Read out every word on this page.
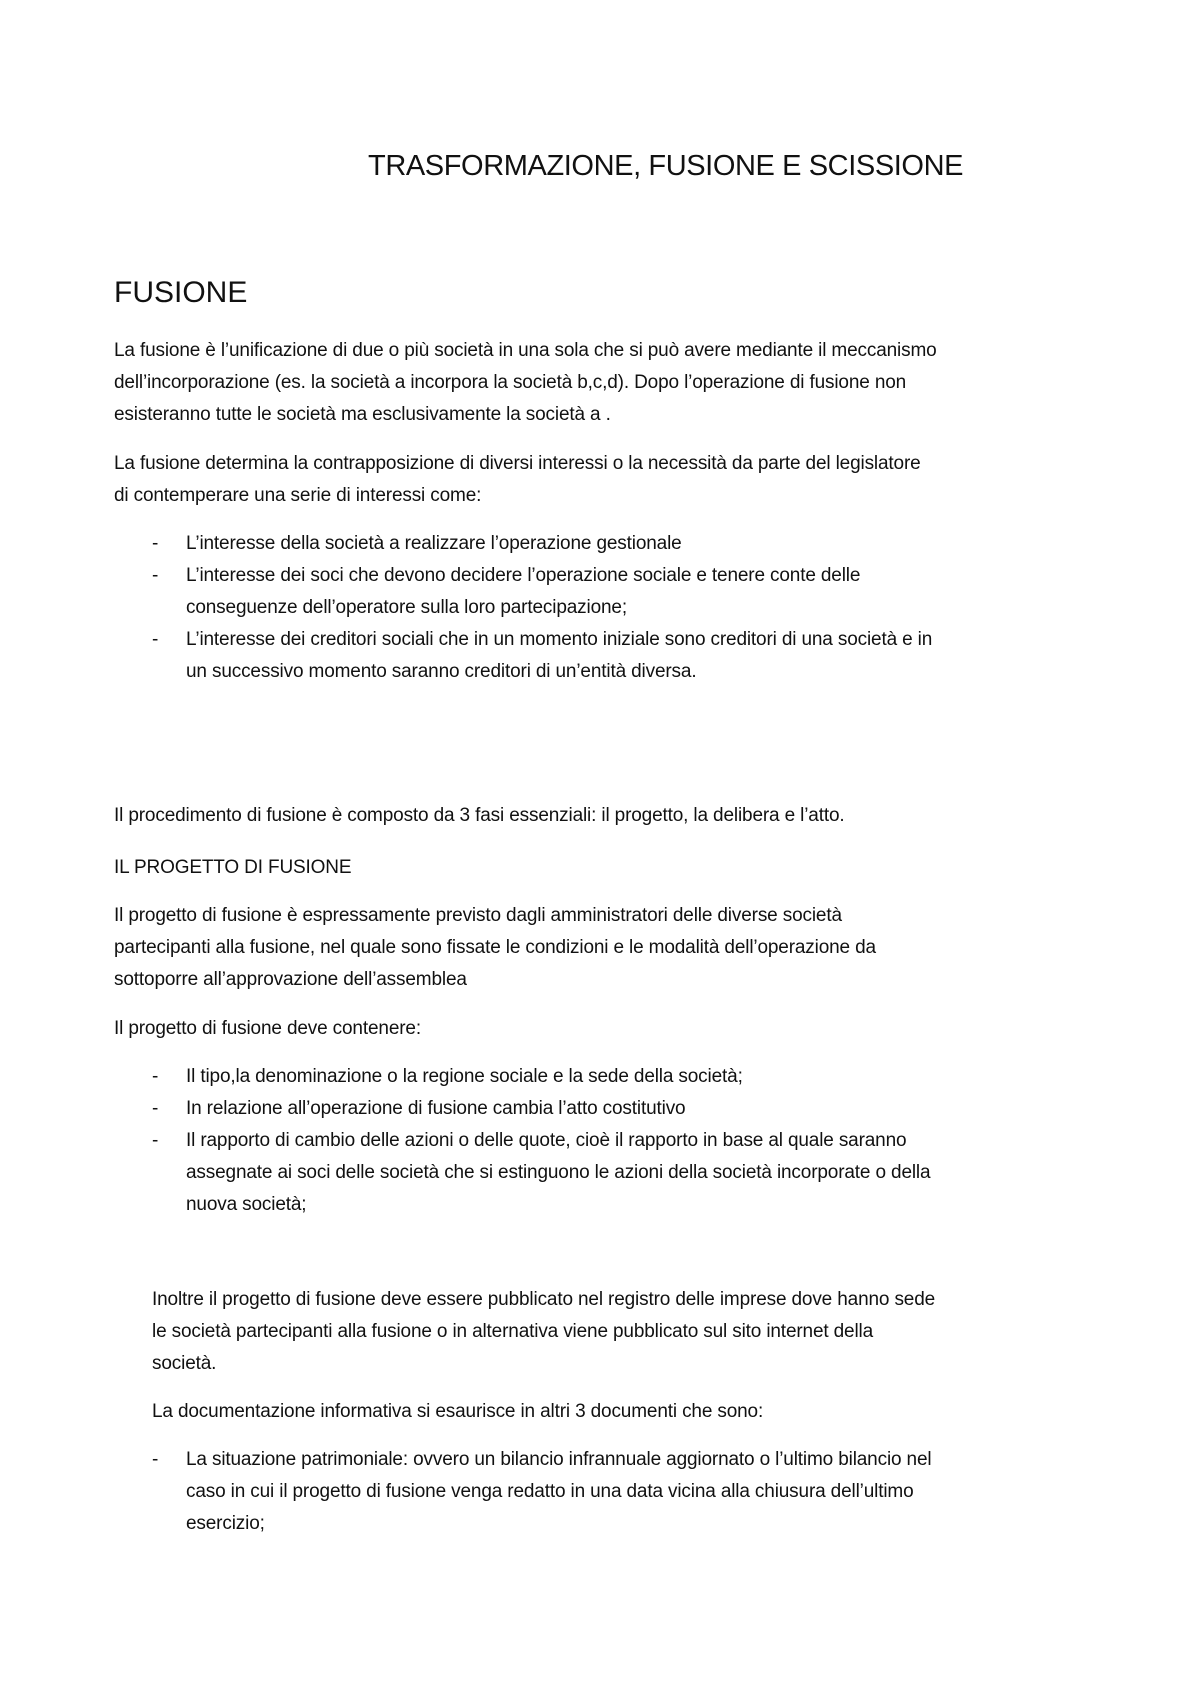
TRASFORMAZIONE, FUSIONE E SCISSIONE
FUSIONE
La fusione è l’unificazione di due o più società in una sola che si può avere mediante il meccanismo
dell’incorporazione (es. la società a incorpora la società b,c,d). Dopo l’operazione di fusione non
esisteranno tutte le società ma esclusivamente la società a .
La fusione determina la contrapposizione di diversi interessi o la necessità da parte del legislatore
di contemperare una serie di interessi come:
- L’interesse della società a realizzare l’operazione gestionale
- L’interesse dei soci che devono decidere l’operazione sociale e tenere conte delle
conseguenze dell’operatore sulla loro partecipazione;
- L’interesse dei creditori sociali che in un momento iniziale sono creditori di una società e in
un successivo momento saranno creditori di un’entità diversa.
Il procedimento di fusione è composto da 3 fasi essenziali: il progetto, la delibera e l’atto.
IL PROGETTO DI FUSIONE
Il progetto di fusione è espressamente previsto dagli amministratori delle diverse società
partecipanti alla fusione, nel quale sono fissate le condizioni e le modalità dell’operazione da
sottoporre all’approvazione dell’assemblea
Il progetto di fusione deve contenere:
- Il tipo,la denominazione o la regione sociale e la sede della società;
- In relazione all’operazione di fusione cambia l’atto costitutivo
- Il rapporto di cambio delle azioni o delle quote, cioè il rapporto in base al quale saranno
assegnate ai soci delle società che si estinguono le azioni della società incorporate o della
nuova società;
Inoltre il progetto di fusione deve essere pubblicato nel registro delle imprese dove hanno sede
le società partecipanti alla fusione o in alternativa viene pubblicato sul sito internet della
società.
La documentazione informativa si esaurisce in altri 3 documenti che sono:
- La situazione patrimoniale: ovvero un bilancio infrannuale aggiornato o l’ultimo bilancio nel
caso in cui il progetto di fusione venga redatto in una data vicina alla chiusura dell’ultimo
esercizio;
